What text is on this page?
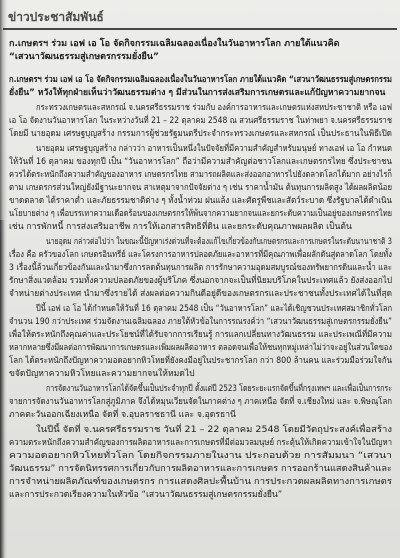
ข่าวประชาสัมพันธ์
ก.เกษตรฯ ร่วม เอฟ เอ โอ จัดกิจกรรมเฉลิมฉลองเนื่องในวันอาหารโลก ภายใต้แนวคิด
“เสวนาวัฒนธรรมสู่เกษตรกรรมยั่งยืน”
ก.เกษตรฯ ร่วม เอฟ เอ โอ จัดกิจกรรมเฉลิมฉลองเนื่องในวันอาหารโลก ภายใต้แนวคิด “เสวนาวัฒนธรรมสู่เกษตรกรรม
ยั่งยืน” หวังให้ทุกฝ่ายเห็นว่าวัฒนธรรมต่าง ๆ มีส่วนในการส่งเสริมการเกษตรและแก้ปัญหาความยากจน
กระทรวงเกษตรและสหกรณ์ จ.นครศรีธรรมราช ร่วมกับ องค์การอาหารและเกษตรแห่งสหประชาชาติ หรือ เอฟ
เอ โอ จัดงานวันอาหารโลก ในระหว่างวันที่ 21 – 22 ตุลาคม 2548 ณ สวนศรีธรรมราช ในท่าพยา จ.นครศรีธรรมราช
โดยมี นายอุดม เศรษฐบุญสร้าง กรรมการผู้ช่วยรัฐมนตรีประจำกระทรวงเกษตรและสหกรณ์ เป็นประธานในพิธีเปิด
นายอุดม เศรษฐบุญสร้าง กล่าวว่า อาหารเป็นหนึ่งในปัจจัยที่มีความสำคัญสำหรับมนุษย์ ทางเอฟ เอ โอ กำหนด
ให้วันที่ 16 ตุลาคม ของทุกปี เป็น “วันอาหารโลก” ถือว่ามีความสำคัญต่อชาวโลกและเกษตรกรไทย ซึ่งประชาชน
ควรได้ตระหนักถึงความสำคัญของอาหาร เกษตรกรไทย สามารถผลิตและส่งออกอาหารไปยังตลาดโลกได้มาก อย่างไรก็
ตาม เกษตรกรส่วนใหญ่ยังมีฐานะยากจน สาเหตุมาจากปัจจัยต่าง ๆ เช่น ราคาน้ำมัน ต้นทุนการผลิตสูง ได้ผลผลิตน้อย
ขาดตลาด ได้ราคาต่ำ และภัยธรรมชาติต่าง ๆ ทั้งน้ำท่วม ฝนแล้ง และศัตรูพืชและสัตว์ระบาด ซึ่งรัฐบาลได้ดำเนิน
นโยบายต่าง ๆ เพื่อบรรเทาความเดือดร้อนของเกษตรกรให้พ้นจากความยากจนและยกระดับความเป็นอยู่ของเกษตรกรไทย
เช่น การพักหนี้ การส่งเสริมอาชีพ การให้เอกสารสิทธิที่ดิน และยกระดับคุณภาพผลผลิต เป็นต้น
นายอุดม กล่าวต่อไปว่า ในขณะนี้ปัญหาเร่งด่วนที่จะต้องแก้ไขเกี่ยวข้องกับเกษตรกรและการเกษตรในระดับนานาชาติ 3
เรื่อง คือ ครัวของโลก เกษตรอินทรีย์ และโครงการอาหารปลอดภัยและอาหารที่มีคุณภาพเพื่อผลักดันสู่ตลาดโลก โดยทั้ง
3 เรื่องนี้ล้วนเกี่ยวข้องกันและนำมาซึ่งการลดต้นทุนการผลิต การรักษาความอุดมสมบูรณ์ของทรัพยากรดินและน้ำ และ
รักษาสิ่งแวดล้อม รวมทั้งความปลอดภัยของผู้บริโภค ซึ่งนอกจากจะเป็นที่นิยมบริโภคในประเทศแล้ว ยังส่งออกไป
จำหน่ายต่างประเทศ นำมาซึ่งรายได้ ส่งผลต่อความกินดีอยู่ดีของเกษตรกรและประชาชนทั้งประเทศได้ในที่สุด
ปีนี้ เอฟ เอ โอ ได้กำหนดให้วันที่ 16 ตุลาคม 2548 เป็น “วันอาหารโลก” และได้เชิญชวนประเทศสมาชิกทั่วโลก
จำนวน 190 กว่าประเทศ ร่วมจัดงานเฉลิมฉลอง ภายใต้หัวข้อในการรณรงค์ว่า “เสวนาวัฒนธรรมสู่เกษตรกรรมยั่งยืน”
เพื่อให้ตระหนักถึงคุณค่าและประโยชน์ที่ได้รับจากการเรียนรู้ การแลกเปลี่ยนทางวัฒนธรรม และประเพณีที่มีความ
หลากหลายซึ่งมีผลต่อการพัฒนาการเกษตรและเพิ่มผลผลิตอาหาร ตลอดจนเพื่อให้ชนทุกหมู่เหล่าไม่ว่าจะอยู่ในส่วนใดของ
โลก ได้ตระหนักถึงปัญหาความอดอยากหิวโหยที่ยังคงมีอยู่ในประชากรโลก กว่า 800 ล้านคน และร่วมมือร่วมใจกัน
ขจัดปัญหาความหิวโหยและความยากจนให้หมดไป
การจัดงานวันอาหารโลกได้จัดขึ้นเป็นประจำทุกปี ตั้งแต่ปี 2523 โดยระยะแรกจัดขึ้นที่กรุงเทพฯ และเพื่อเป็นการกระ
จายการจัดงานวันอาหารโลกสู่ภูมิภาค จึงได้หมุนเวียนจัดในภาคต่าง ๆ ภาคเหนือ จัดที่ จ.เชียงใหม่ และ จ.พิษณุโลก
ภาคตะวันออกเฉียงเหนือ จัดที่ จ.อุบลราชธานี และ จ.อุดรธานี
ในปีนี้ จัดที่ จ.นครศรีธรรมราช วันที่ 21 – 22 ตุลาคม 2548 โดยมีวัตถุประสงค์เพื่อสร้าง
ความตระหนักถึงความสำคัญของการผลิตอาหารและการเกษตรที่มีต่อมวลมนุษย์ กระตุ้นให้เกิดความเข้าใจในปัญหา
ความอดอยากหิวโหยทั่วโลก โดยกิจกรรมภายในงาน ประกอบด้วย การสัมมนา “เสวนา
วัฒนธรรม” การจัดนิทรรศการเกี่ยวกับการผลิตอาหารและการเกษตร การออกร้านแสดงสินค้าและ
การจำหน่ายผลิตภัณฑ์ของเกษตรกร การแสดงศิลปะพื้นบ้าน การประกวดผลผลิตทางการเกษตร
และการประกวดเรียงความในหัวข้อ “เสวนาวัฒนธรรมสู่เกษตรกรรมยั่งยืน”
